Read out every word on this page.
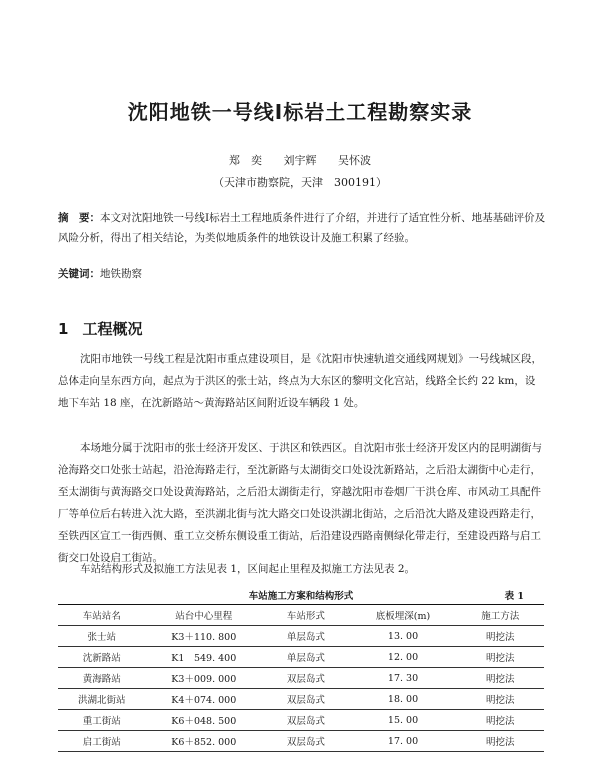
沈阳地铁一号线Ⅰ标岩土工程勘察实录
郑　奕 刘宇辉 吴怀波
（天津市勘察院，天津　300191）
摘　要：本文对沈阳地铁一号线Ⅰ标岩土工程地质条件进行了介绍，并进行了适宜性分析、地基基础评价及风险分析，得出了相关结论，为类似地质条件的地铁设计及施工积累了经验。
关键词：地铁勘察
1 工程概况

沈阳市地铁一号线工程是沈阳市重点建设项目，是《沈阳市快速轨道交通线网规划》一号线城区段，总体走向呈东西方向，起点为于洪区的张士站，终点为大东区的黎明文化宫站，线路全长约 22 km，设地下车站 18 座，在沈新路站～黄海路站区间附近设车辆段 1 处。

本场地分属于沈阳市的张士经济开发区、于洪区和铁西区。自沈阳市张士经济开发区内的昆明湖街与沧海路交口处张士站起，沿沧海路走行，至沈新路与太湖街交口处设沈新路站，之后沿太湖街中心走行，至太湖街与黄海路交口处设黄海路站，之后沿太湖街走行，穿越沈阳市卷烟厂干洪仓库、市风动工具配件厂等单位后右转进入沈大路，至洪湖北街与沈大路交口处设洪湖北街站，之后沿沈大路及建设西路走行，至铁西区宣工一街西侧、重工立交桥东侧设重工街站，后沿建设西路南侧绿化带走行，至建设西路与启工街交口处设启工街站。

车站结构形式及拟施工方法见表 1，区间起止里程及拟施工方法见表 2。

车站施工方案和结构形式	表 1
车站站名	站台中心里程	车站形式	底板埋深(m)	施工方法
张士站	K3＋110. 800	单层岛式	13. 00	明挖法
沈新路站	K1　549. 400	单层岛式	12. 00	明挖法
黄海路站	K3＋009. 000	双层岛式	17. 30	明挖法
洪湖北街站	K4＋074. 000	双层岛式	18. 00	明挖法
重工街站	K6＋048. 500	双层岛式	15. 00	明挖法
启工街站	K6＋852. 000	双层岛式	17. 00	明挖法
